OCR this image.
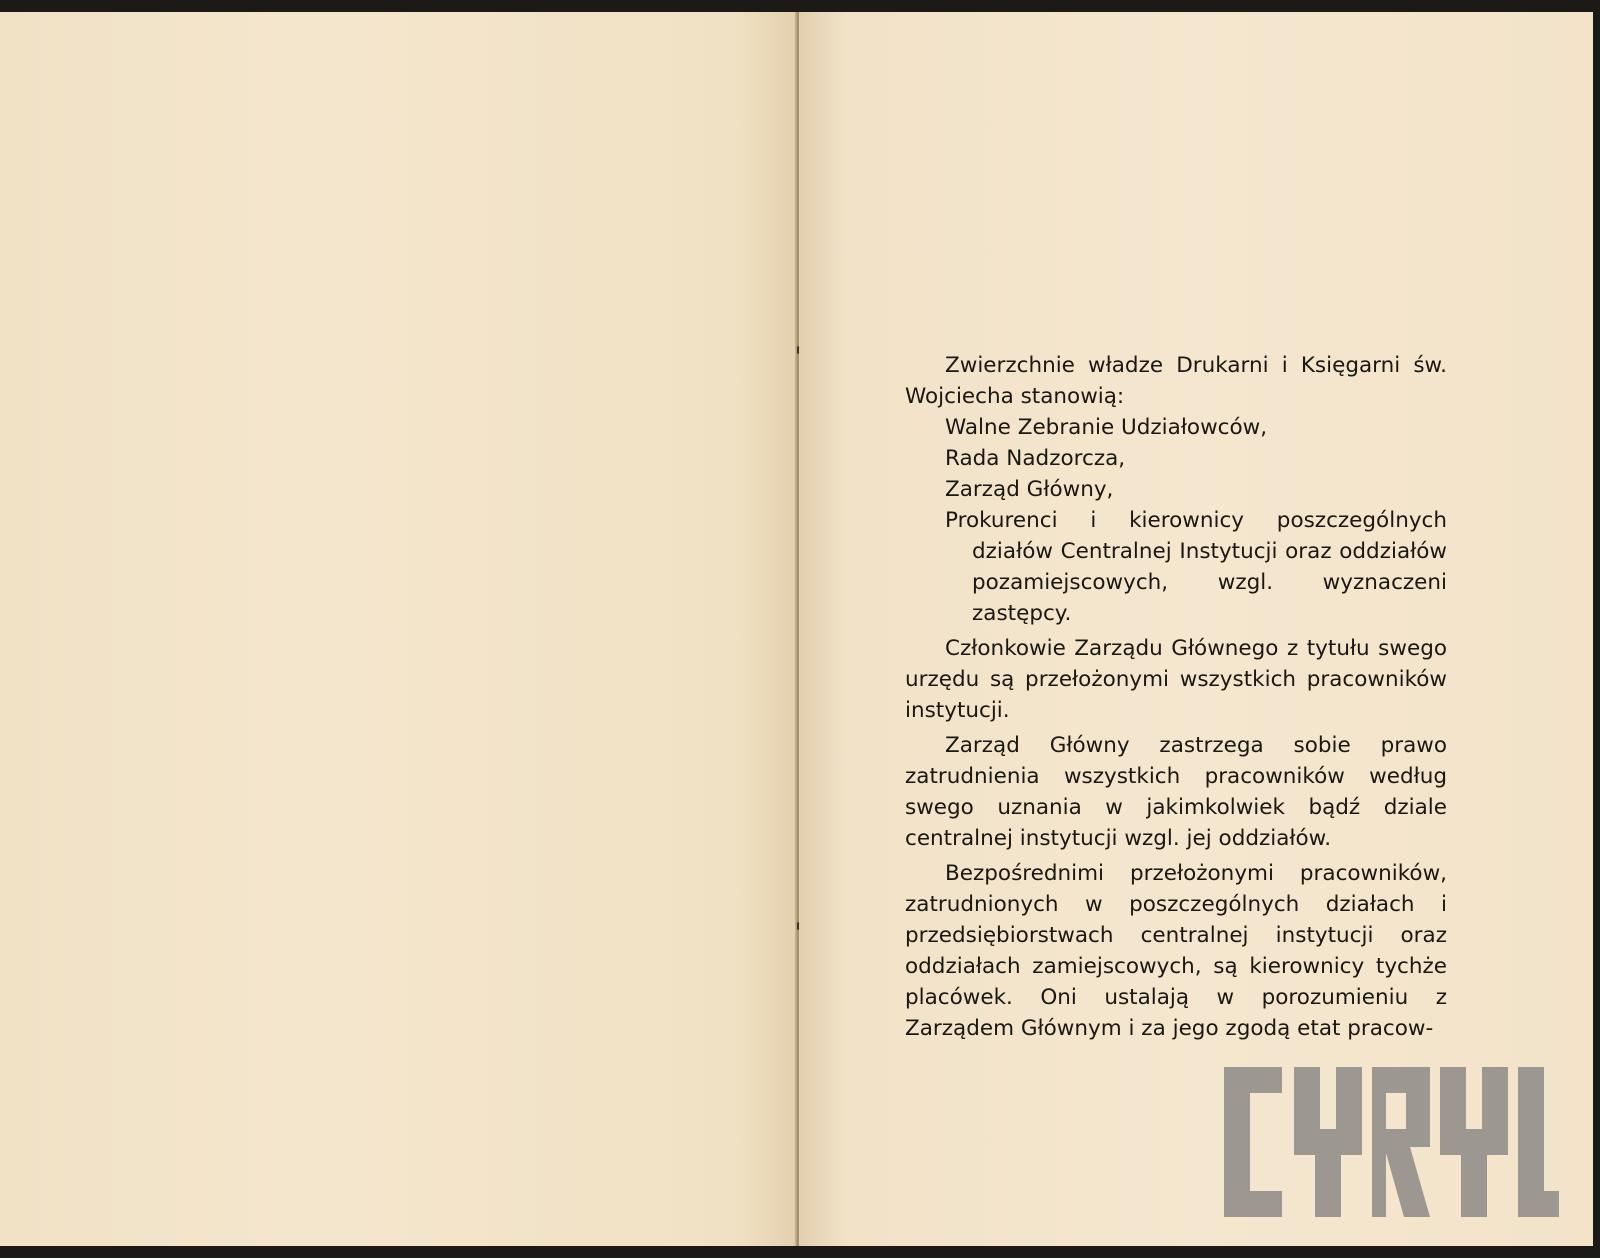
Zwierzchnie władze Drukarni i Księgarni św. Wojciecha stanowią:

Walne Zebranie Udziałowców,
Rada Nadzorcza,
Zarząd Główny,
Prokurenci i kierownicy poszczególnych działów Centralnej Instytucji oraz oddziałów pozamiejscowych, wzgl. wyznaczeni zastępcy.

Członkowie Zarządu Głównego z tytułu swego urzędu są przełożonymi wszystkich pracowników instytucji.

Zarząd Główny zastrzega sobie prawo zatrudnienia wszystkich pracowników według swego uznania w jakimkolwiek bądź dziale centralnej instytucji wzgl. jej oddziałów.

Bezpośrednimi przełożonymi pracowników, zatrudnionych w poszczególnych działach i przedsiębiorstwach centralnej instytucji oraz oddziałach zamiejscowych, są kierownicy tychże placówek. Oni ustalają w porozumieniu z Zarządem Głównym i za jego zgodą etat pracow-
